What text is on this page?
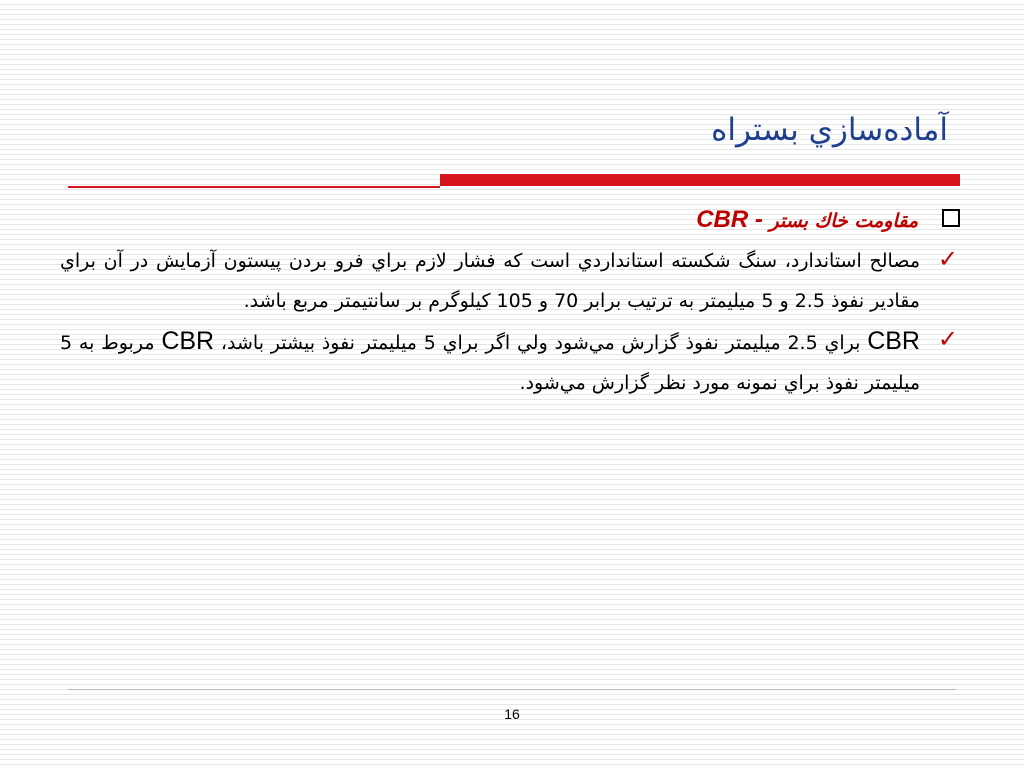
آماده‌سازي بستراه
مقاومت خاك بستر - CBR
✓
مصالح استاندارد، سنگ شكسته استانداردي است كه فشار لازم براي فرو بردن پيستون آزمايش در آن براي مقادير نفوذ 2.5 و 5 ميليمتر به ترتيب برابر 70 و 105 كيلوگرم بر سانتيمتر مربع باشد.
✓
CBR براي 2.5 ميليمتر نفوذ گزارش مي‌شود ولي اگر براي 5 ميليمتر نفوذ بيشتر باشد، CBR مربوط به 5 ميليمتر نفوذ براي نمونه مورد نظر گزارش مي‌شود.
16
